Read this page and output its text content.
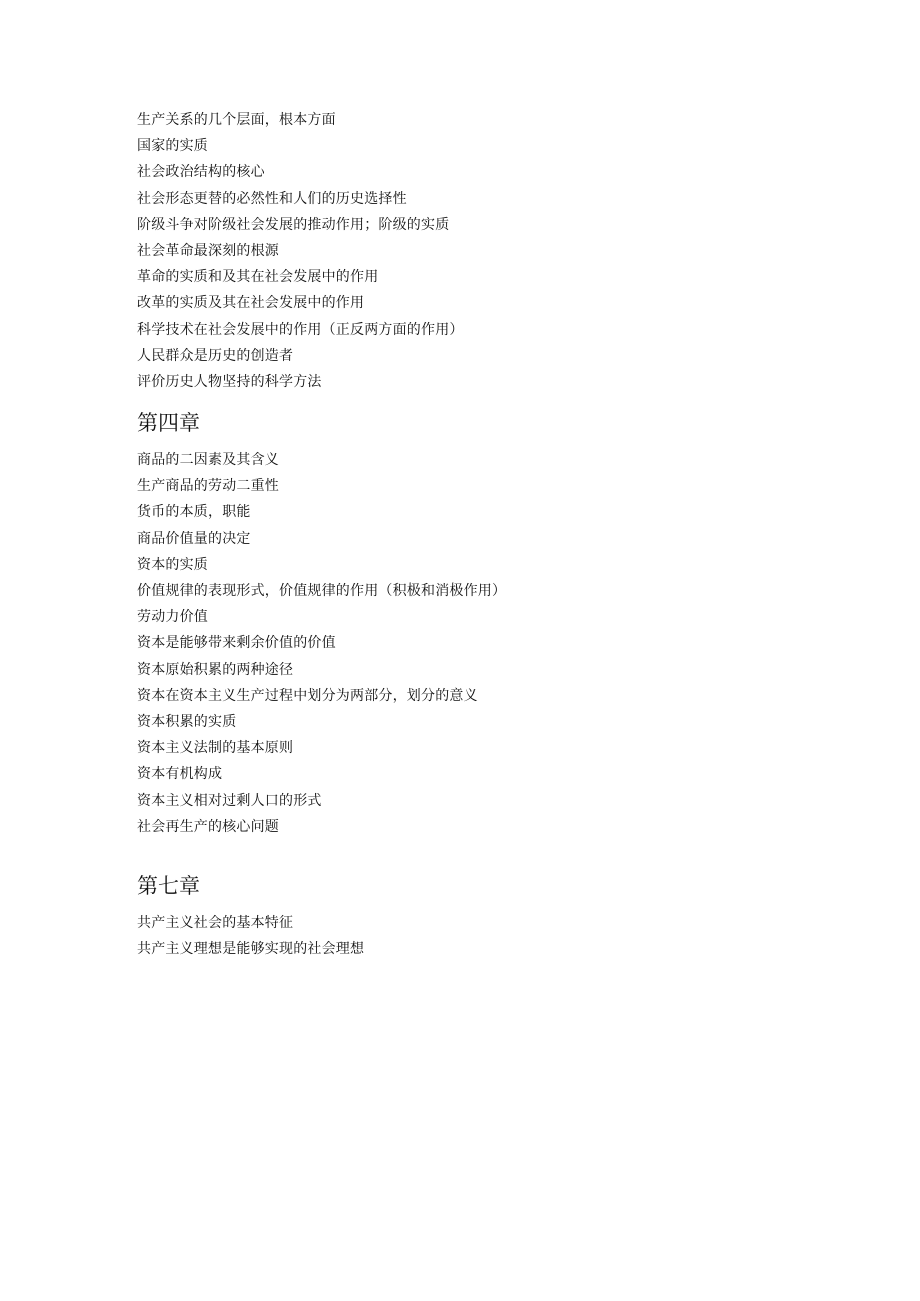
生产关系的几个层面，根本方面
国家的实质
社会政治结构的核心
社会形态更替的必然性和人们的历史选择性
阶级斗争对阶级社会发展的推动作用；阶级的实质
社会革命最深刻的根源
革命的实质和及其在社会发展中的作用
改革的实质及其在社会发展中的作用
科学技术在社会发展中的作用（正反两方面的作用）
人民群众是历史的创造者
评价历史人物坚持的科学方法
第四章
商品的二因素及其含义
生产商品的劳动二重性
货币的本质，职能
商品价值量的决定
资本的实质
价值规律的表现形式，价值规律的作用（积极和消极作用）
劳动力价值
资本是能够带来剩余价值的价值
资本原始积累的两种途径
资本在资本主义生产过程中划分为两部分，划分的意义
资本积累的实质
资本主义法制的基本原则
资本有机构成
资本主义相对过剩人口的形式
社会再生产的核心问题
第七章
共产主义社会的基本特征
共产主义理想是能够实现的社会理想
